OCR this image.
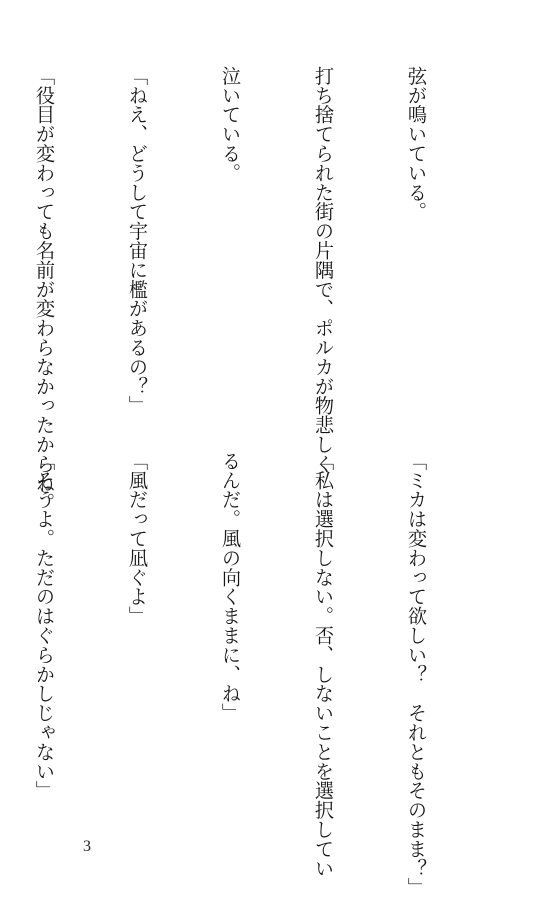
弦が鳴いている。

打ち捨てられた街の片隅で、ポルカが物悲しく

泣いている。

「ねえ、どうして宇宙に檻があるの？」

「役目が変わっても名前が変わらなかったからね。

「ミカは変わって欲しい？　それともそのまま？」

「私は選択しない。否、しないことを選択してい

るんだ。風の向くままに、ね」

「風だって凪ぐよ」

「そうよ。ただのはぐらかしじゃない」

3
